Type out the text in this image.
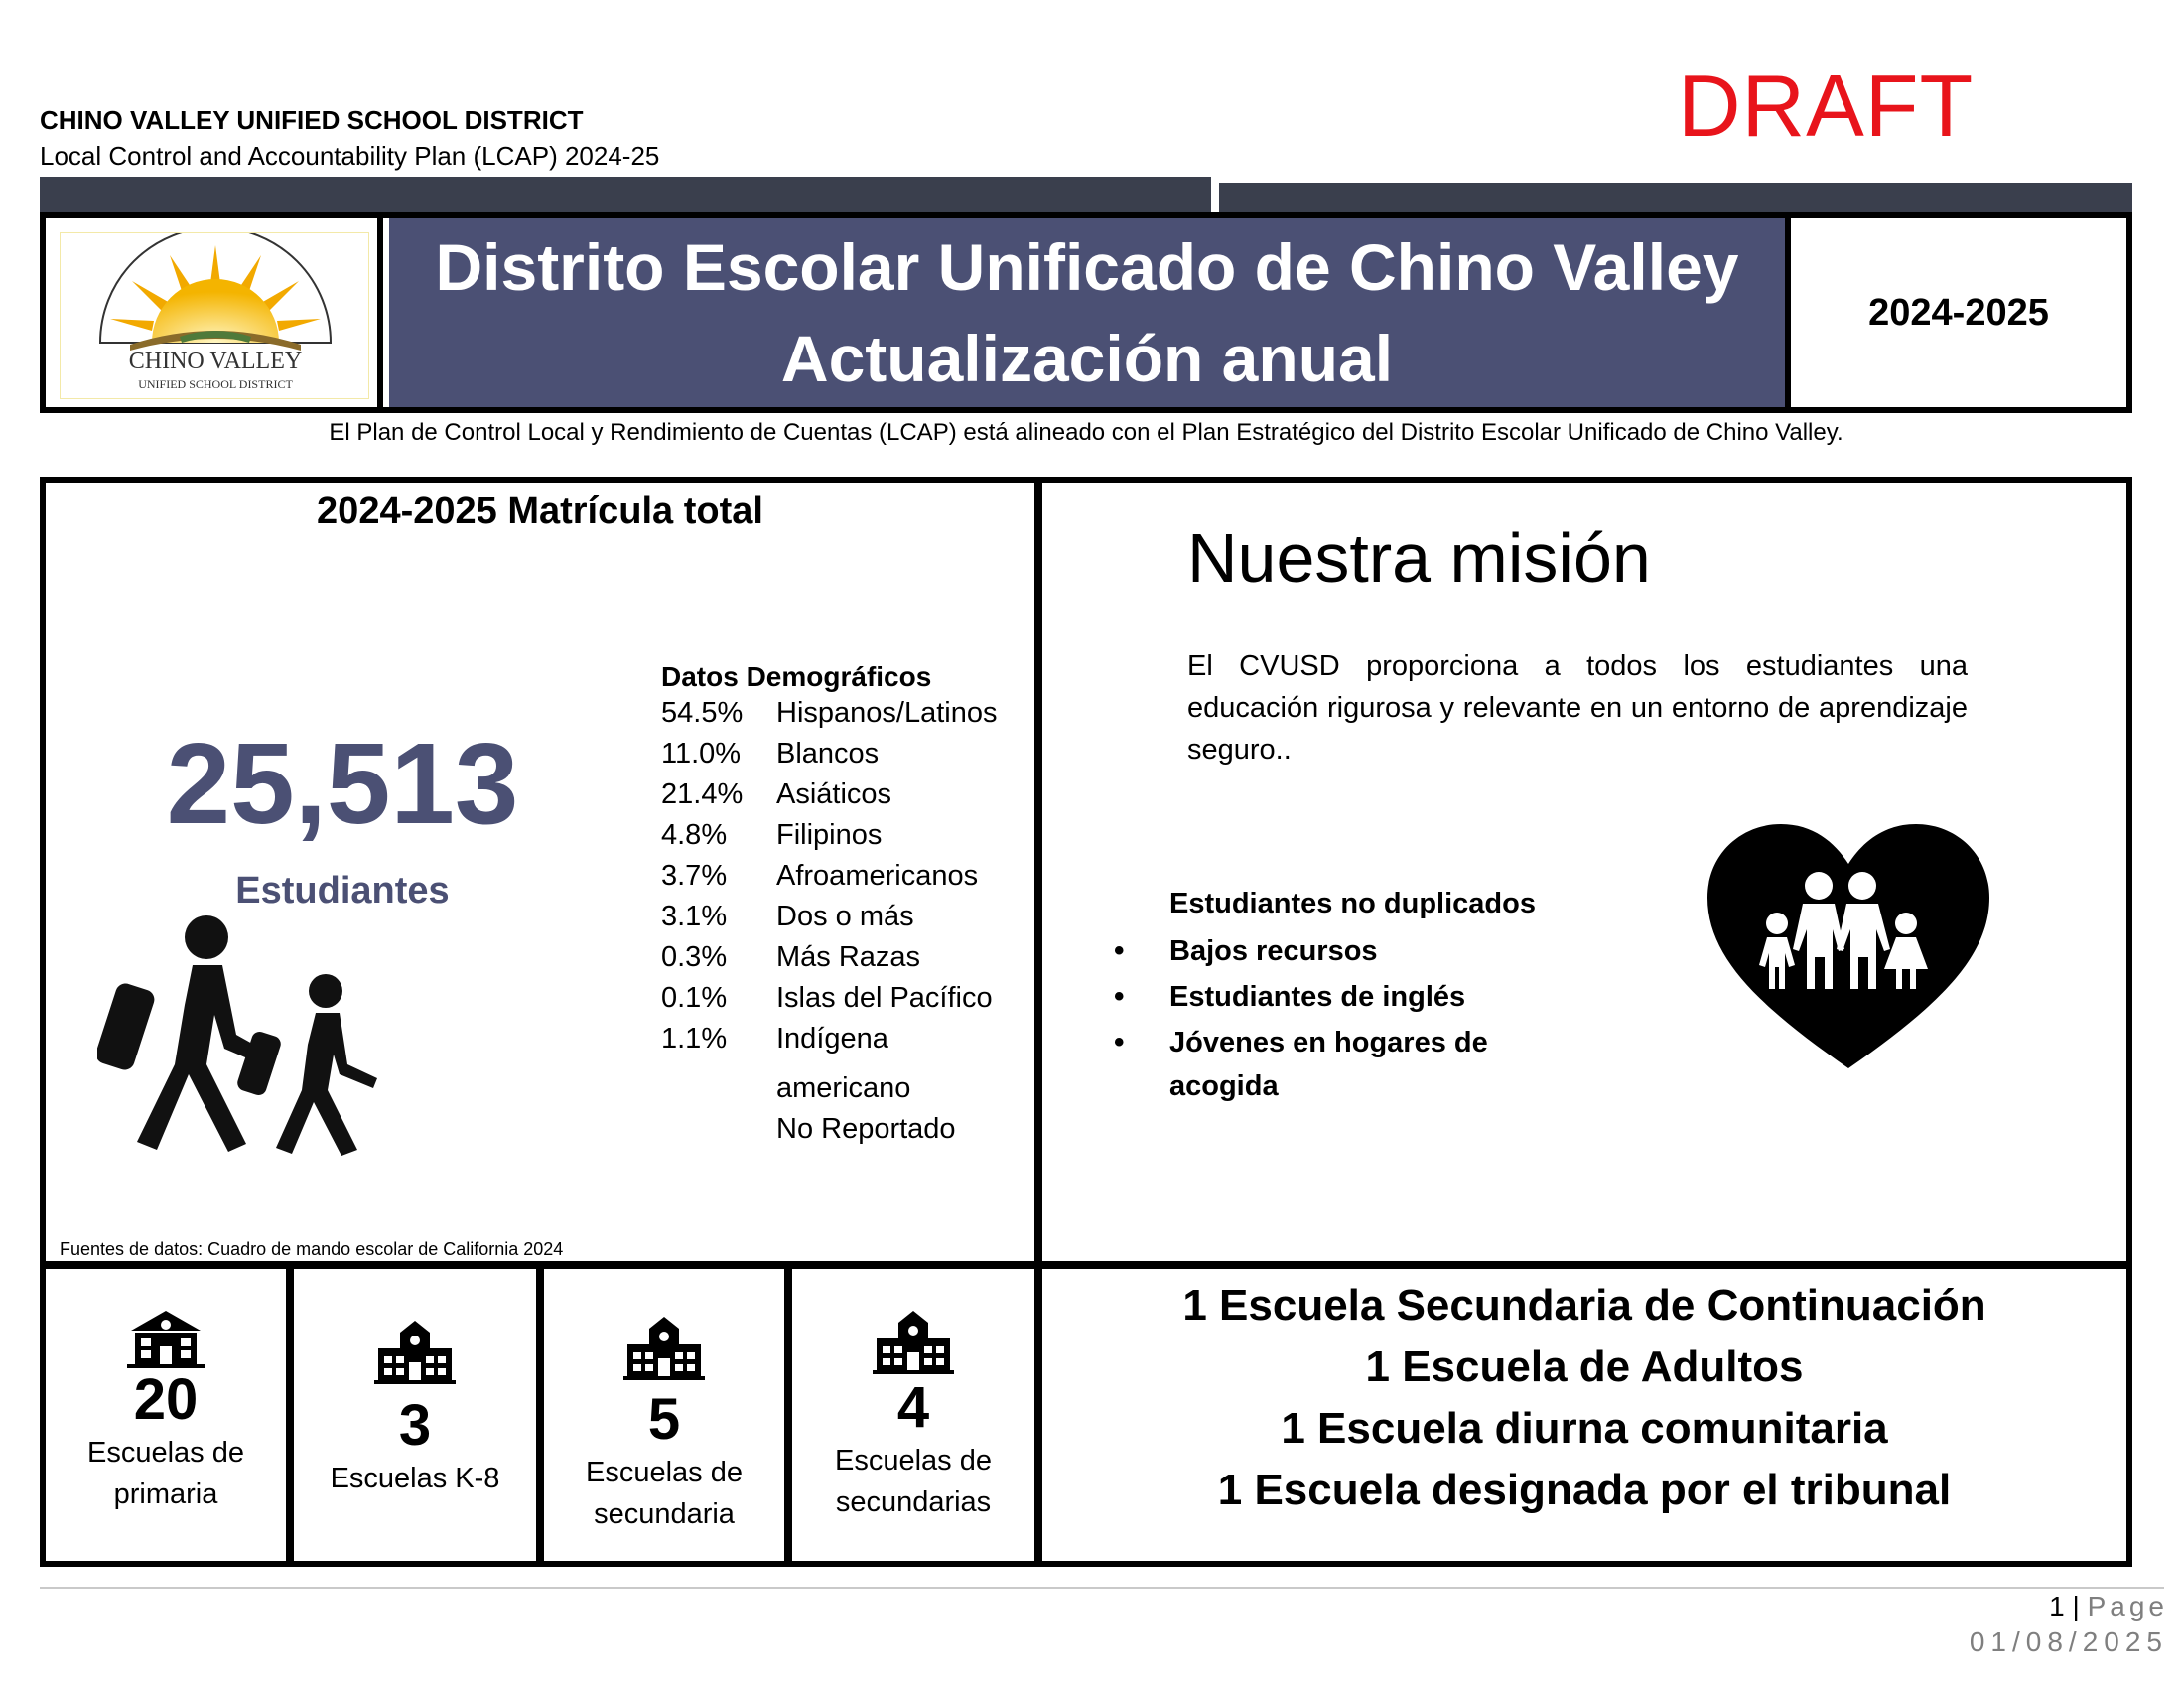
CHINO VALLEY UNIFIED SCHOOL DISTRICT
Local Control and Accountability Plan (LCAP) 2024-25
DRAFT
CHINO VALLEY
UNIFIED SCHOOL DISTRICT
Distrito Escolar Unificado de Chino Valley
Actualización anual
2024-2025
El Plan de Control Local y Rendimiento de Cuentas (LCAP) está alineado con el Plan Estratégico del Distrito Escolar Unificado de Chino Valley.
2024-2025 Matrícula total
25,513
Estudiantes
Datos Demográficos
54.5% Hispanos/Latinos
11.0% Blancos
21.4% Asiáticos
4.8% Filipinos
3.7% Afroamericanos
3.1% Dos o más
0.3% Más Razas
0.1% Islas del Pacífico
1.1% Indígena
americano
No Reportado
Fuentes de datos: Cuadro de mando escolar de California 2024
Nuestra misión
El CVUSD proporciona a todos los estudiantes una educación rigurosa y relevante en un entorno de aprendizaje seguro..
Estudiantes no duplicados
• Bajos recursos
• Estudiantes de inglés
• Jóvenes en hogares de acogida
20
Escuelas de
primaria
3
Escuelas K-8
5
Escuelas de
secundaria
4
Escuelas de
secundarias
1 Escuela Secundaria de Continuación
1 Escuela de Adultos
1 Escuela diurna comunitaria
1 Escuela designada por el tribunal
1 | Page
01/08/2025
